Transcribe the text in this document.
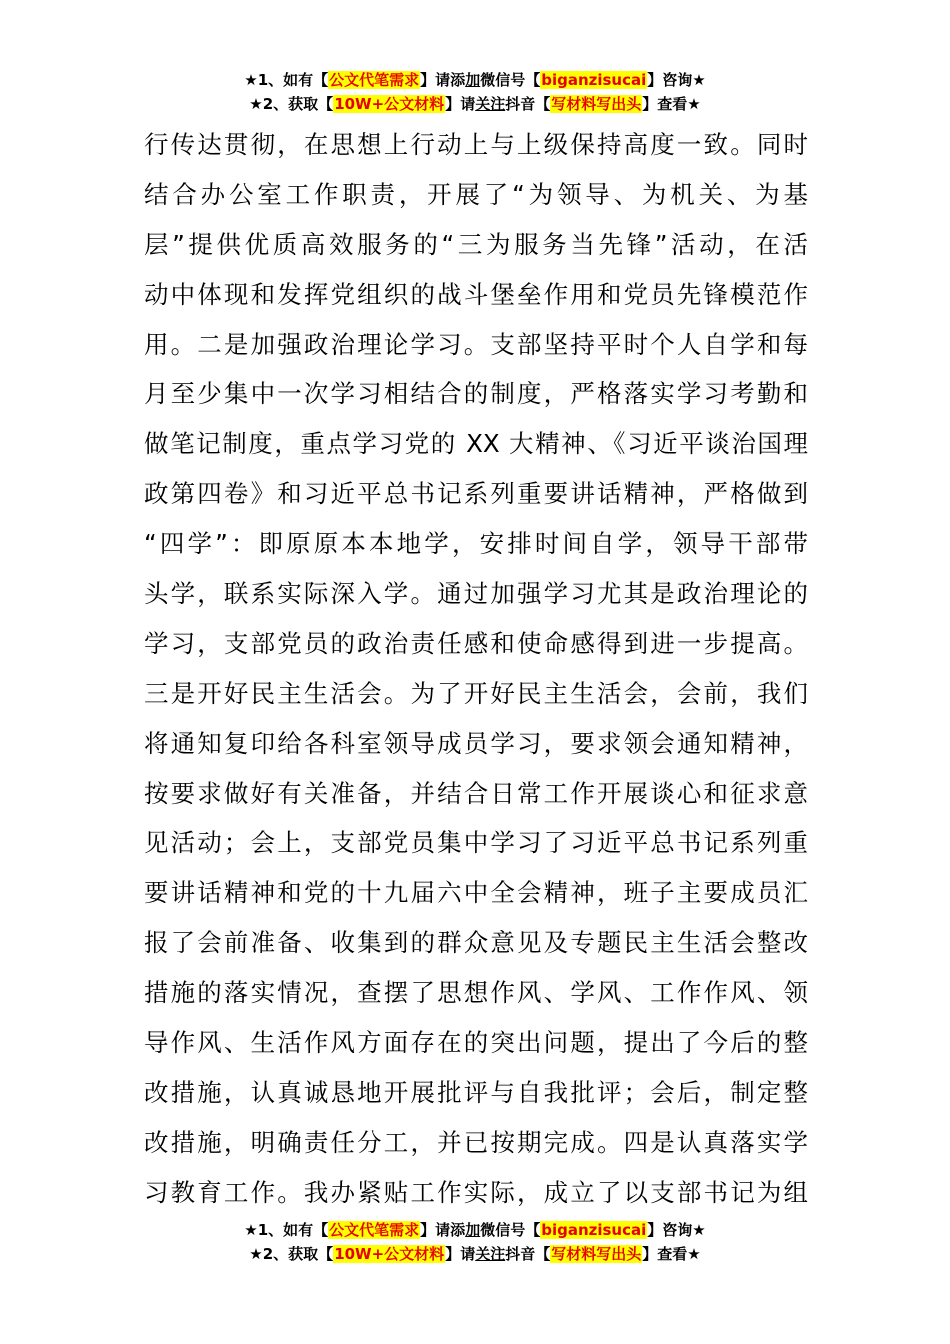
★1、如有【公文代笔需求】请添加微信号【biganzisucai】咨询★
★2、获取【10W+公文材料】请关注抖音【写材料写出头】查看★
行传达贯彻，在思想上行动上与上级保持高度一致。同时
结合办公室工作职责，开展了“为领导、为机关、为基
层”提供优质高效服务的“三为服务当先锋”活动，在活
动中体现和发挥党组织的战斗堡垒作用和党员先锋模范作
用。二是加强政治理论学习。支部坚持平时个人自学和每
月至少集中一次学习相结合的制度，严格落实学习考勤和
做笔记制度，重点学习党的 XX 大精神、《习近平谈治国理
政第四卷》和习近平总书记系列重要讲话精神，严格做到
“四学”：即原原本本地学，安排时间自学，领导干部带
头学，联系实际深入学。通过加强学习尤其是政治理论的
学习，支部党员的政治责任感和使命感得到进一步提高。
三是开好民主生活会。为了开好民主生活会，会前，我们
将通知复印给各科室领导成员学习，要求领会通知精神，
按要求做好有关准备，并结合日常工作开展谈心和征求意
见活动；会上，支部党员集中学习了习近平总书记系列重
要讲话精神和党的十九届六中全会精神，班子主要成员汇
报了会前准备、收集到的群众意见及专题民主生活会整改
措施的落实情况，查摆了思想作风、学风、工作作风、领
导作风、生活作风方面存在的突出问题，提出了今后的整
改措施，认真诚恳地开展批评与自我批评；会后，制定整
改措施，明确责任分工，并已按期完成。四是认真落实学
习教育工作。我办紧贴工作实际，成立了以支部书记为组
★1、如有【公文代笔需求】请添加微信号【biganzisucai】咨询★
★2、获取【10W+公文材料】请关注抖音【写材料写出头】查看★
